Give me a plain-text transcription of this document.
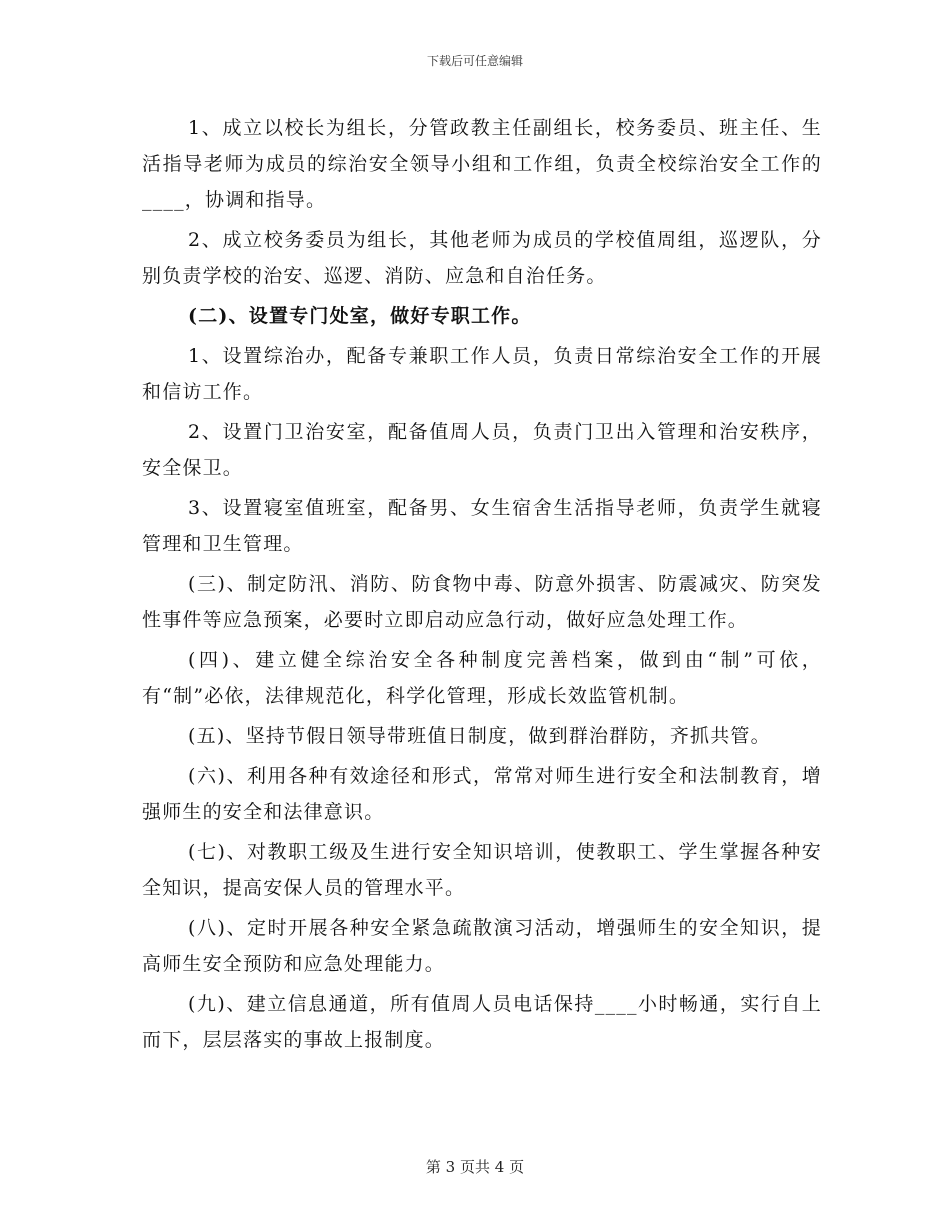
下载后可任意编辑

1、成立以校长为组长，分管政教主任副组长，校务委员、班主任、生活指导老师为成员的综治安全领导小组和工作组，负责全校综治安全工作的____，协调和指导。

2、成立校务委员为组长，其他老师为成员的学校值周组，巡逻队，分别负责学校的治安、巡逻、消防、应急和自治任务。

(二)、设置专门处室，做好专职工作。

1、设置综治办，配备专兼职工作人员，负责日常综治安全工作的开展和信访工作。

2、设置门卫治安室，配备值周人员，负责门卫出入管理和治安秩序，安全保卫。

3、设置寝室值班室，配备男、女生宿舍生活指导老师，负责学生就寝管理和卫生管理。

(三)、制定防汛、消防、防食物中毒、防意外损害、防震减灾、防突发性事件等应急预案，必要时立即启动应急行动，做好应急处理工作。

(四)、建立健全综治安全各种制度完善档案，做到由“制”可依，有“制”必依，法律规范化，科学化管理，形成长效监管机制。

(五)、坚持节假日领导带班值日制度，做到群治群防，齐抓共管。

(六)、利用各种有效途径和形式，常常对师生进行安全和法制教育，增强师生的安全和法律意识。

(七)、对教职工级及生进行安全知识培训，使教职工、学生掌握各种安全知识，提高安保人员的管理水平。

(八)、定时开展各种安全紧急疏散演习活动，增强师生的安全知识，提高师生安全预防和应急处理能力。

(九)、建立信息通道，所有值周人员电话保持____小时畅通，实行自上而下，层层落实的事故上报制度。

第 3 页共 4 页
